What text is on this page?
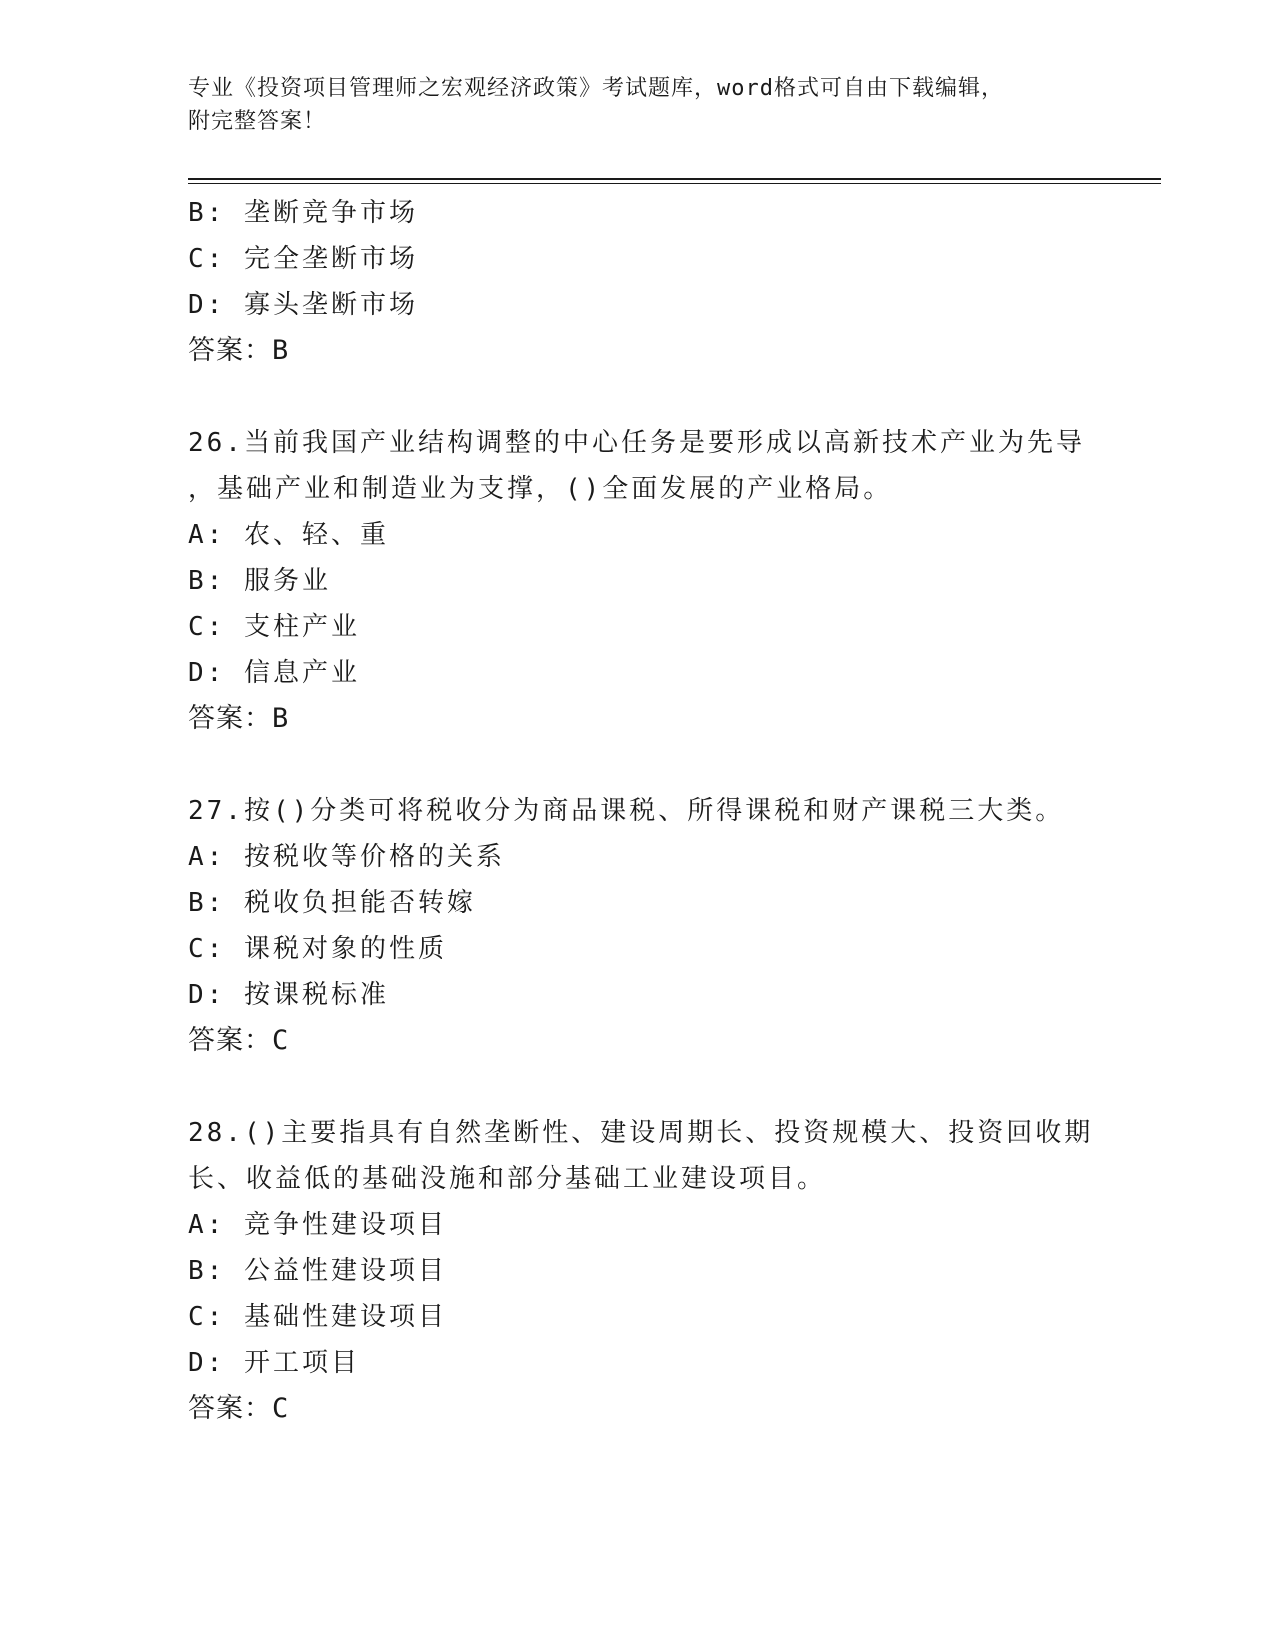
专业《投资项目管理师之宏观经济政策》考试题库，word格式可自由下载编辑，
附完整答案！
B: 垄断竞争市场
C: 完全垄断市场
D: 寡头垄断市场
答案：B
26.当前我国产业结构调整的中心任务是要形成以高新技术产业为先导
，基础产业和制造业为支撑，()全面发展的产业格局。
A: 农、轻、重
B: 服务业
C: 支柱产业
D: 信息产业
答案：B
27.按()分类可将税收分为商品课税、所得课税和财产课税三大类。
A: 按税收等价格的关系
B: 税收负担能否转嫁
C: 课税对象的性质
D: 按课税标准
答案：C
28.()主要指具有自然垄断性、建设周期长、投资规模大、投资回收期
长、收益低的基础没施和部分基础工业建设项目。
A: 竞争性建设项目
B: 公益性建设项目
C: 基础性建设项目
D: 开工项目
答案：C
